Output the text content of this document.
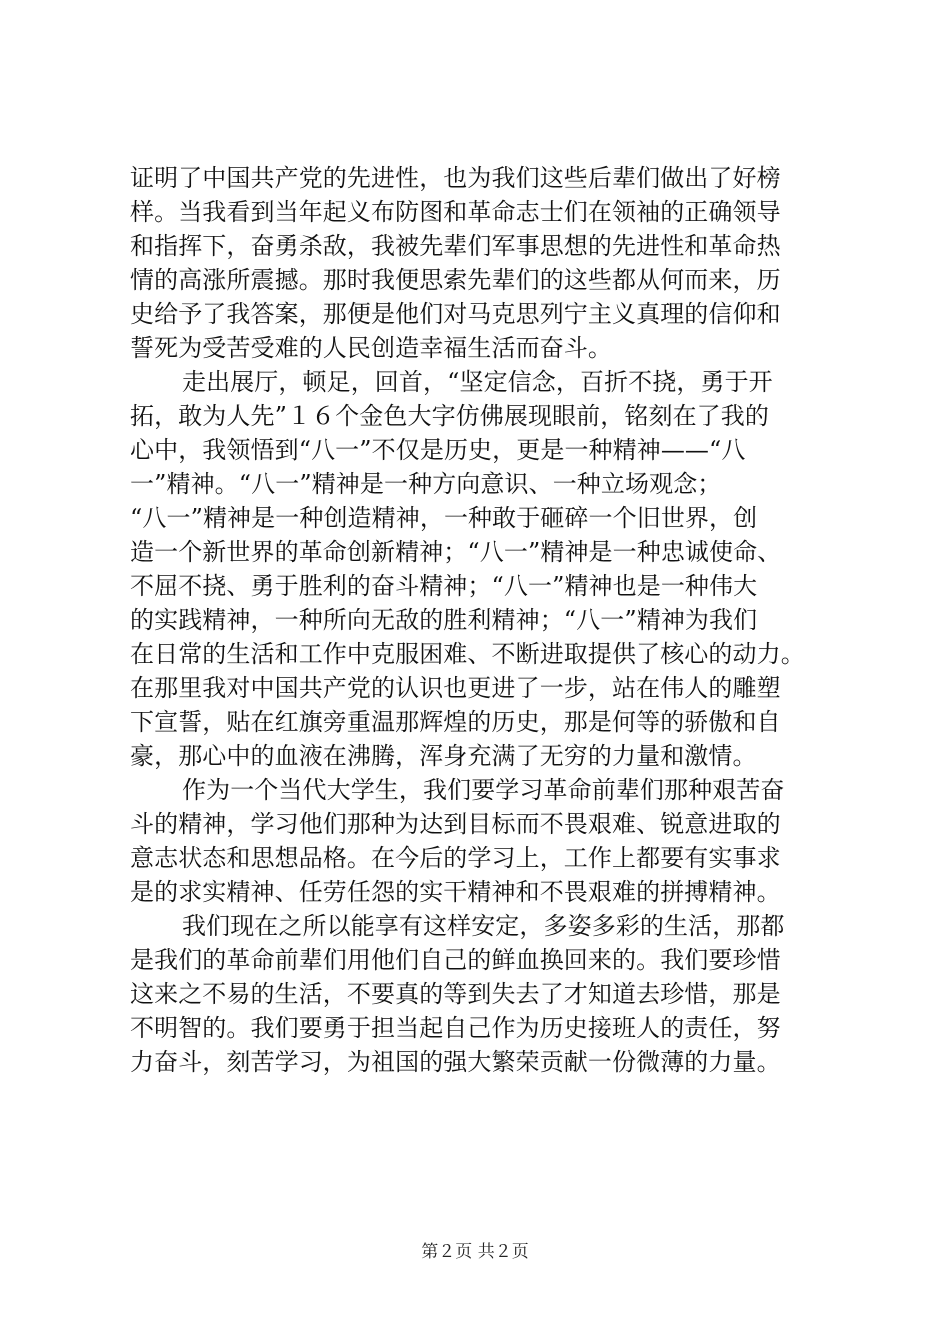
证明了中国共产党的先进性，也为我们这些后辈们做出了好榜
样。当我看到当年起义布防图和革命志士们在领袖的正确领导
和指挥下，奋勇杀敌，我被先辈们军事思想的先进性和革命热
情的高涨所震撼。那时我便思索先辈们的这些都从何而来，历
史给予了我答案，那便是他们对马克思列宁主义真理的信仰和
誓死为受苦受难的人民创造幸福生活而奋斗。
走出展厅，顿足，回首，“坚定信念，百折不挠，勇于开
拓，敢为人先”１６个金色大字仿佛展现眼前，铭刻在了我的
心中，我领悟到“八一”不仅是历史，更是一种精神——“八
一”精神。“八一”精神是一种方向意识、一种立场观念；
“八一”精神是一种创造精神，一种敢于砸碎一个旧世界，创
造一个新世界的革命创新精神；“八一”精神是一种忠诚使命、
不屈不挠、勇于胜利的奋斗精神；“八一”精神也是一种伟大
的实践精神，一种所向无敌的胜利精神；“八一”精神为我们
在日常的生活和工作中克服困难、不断进取提供了核心的动力。
在那里我对中国共产党的认识也更进了一步，站在伟人的雕塑
下宣誓，贴在红旗旁重温那辉煌的历史，那是何等的骄傲和自
豪，那心中的血液在沸腾，浑身充满了无穷的力量和激情。
作为一个当代大学生，我们要学习革命前辈们那种艰苦奋
斗的精神，学习他们那种为达到目标而不畏艰难、锐意进取的
意志状态和思想品格。在今后的学习上，工作上都要有实事求
是的求实精神、任劳任怨的实干精神和不畏艰难的拼搏精神。
我们现在之所以能享有这样安定，多姿多彩的生活，那都
是我们的革命前辈们用他们自己的鲜血换回来的。我们要珍惜
这来之不易的生活，不要真的等到失去了才知道去珍惜，那是
不明智的。我们要勇于担当起自己作为历史接班人的责任，努
力奋斗，刻苦学习，为祖国的强大繁荣贡献一份微薄的力量。
第２页 共２页
